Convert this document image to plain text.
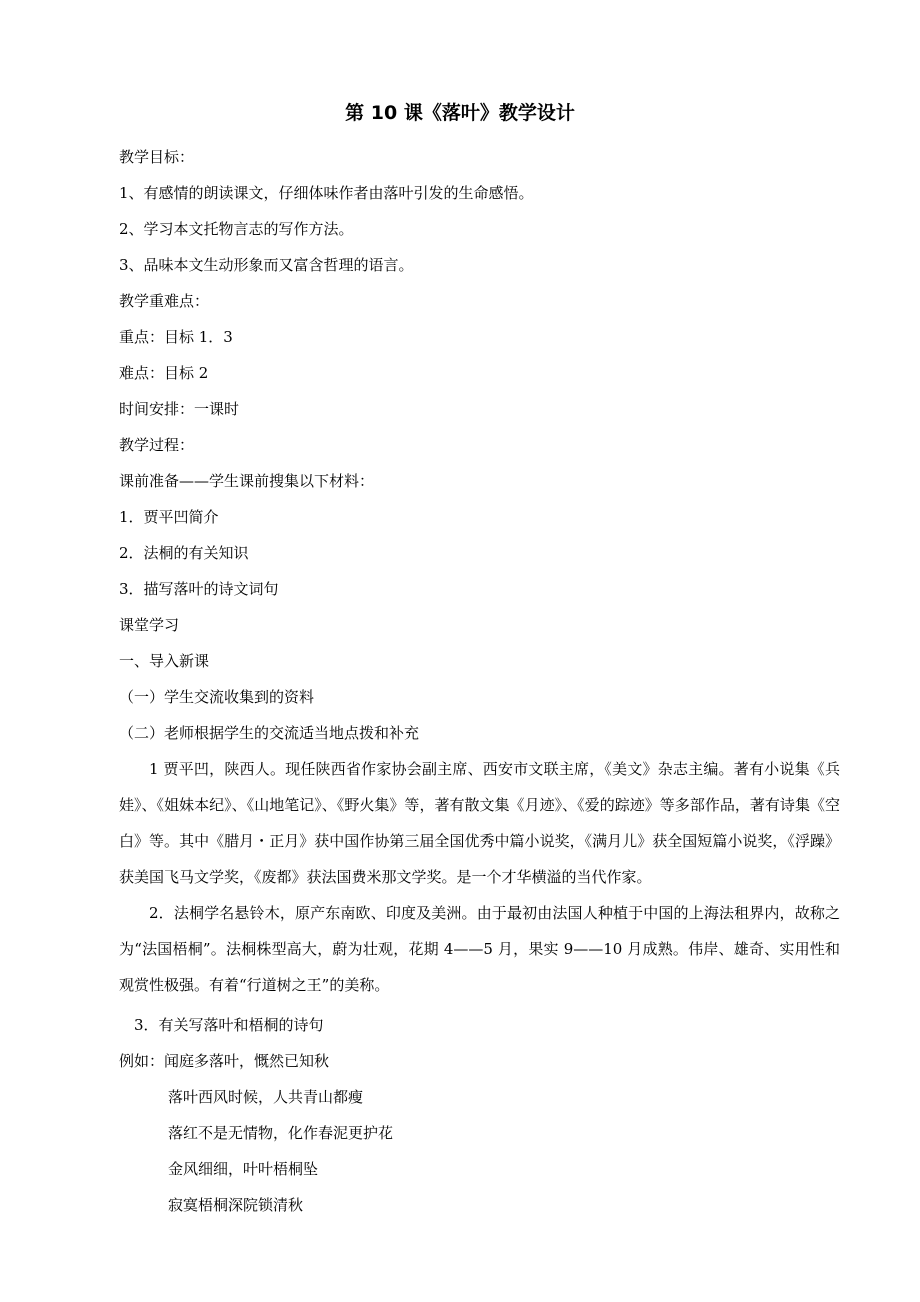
第 10 课《落叶》教学设计
教学目标：
1、有感情的朗读课文，仔细体味作者由落叶引发的生命感悟。
2、学习本文托物言志的写作方法。
3、品味本文生动形象而又富含哲理的语言。
教学重难点：
重点：目标 1．3
难点：目标 2
时间安排：一课时
教学过程：
课前准备——学生课前搜集以下材料：
1．贾平凹简介
2．法桐的有关知识
3．描写落叶的诗文词句
课堂学习
一、导入新课
（一）学生交流收集到的资料
（二）老师根据学生的交流适当地点拨和补充
1 贾平凹，陕西人。现任陕西省作家协会副主席、西安市文联主席，《美文》杂志主编。著有小说集《兵娃》、《姐妹本纪》、《山地笔记》、《野火集》等，著有散文集《月迹》、《爱的踪迹》等多部作品，著有诗集《空白》等。其中《腊月・正月》获中国作协第三届全国优秀中篇小说奖，《满月儿》获全国短篇小说奖，《浮躁》获美国飞马文学奖，《废都》获法国费米那文学奖。是一个才华横溢的当代作家。
2．法桐学名悬铃木，原产东南欧、印度及美洲。由于最初由法国人种植于中国的上海法租界内，故称之为“法国梧桐”。法桐株型高大，蔚为壮观，花期 4——5 月，果实 9——10 月成熟。伟岸、雄奇、实用性和观赏性极强。有着“行道树之王”的美称。
3．有关写落叶和梧桐的诗句
例如：闻庭多落叶，慨然已知秋
落叶西风时候，人共青山都瘦
落红不是无情物，化作春泥更护花
金风细细，叶叶梧桐坠
寂寞梧桐深院锁清秋
